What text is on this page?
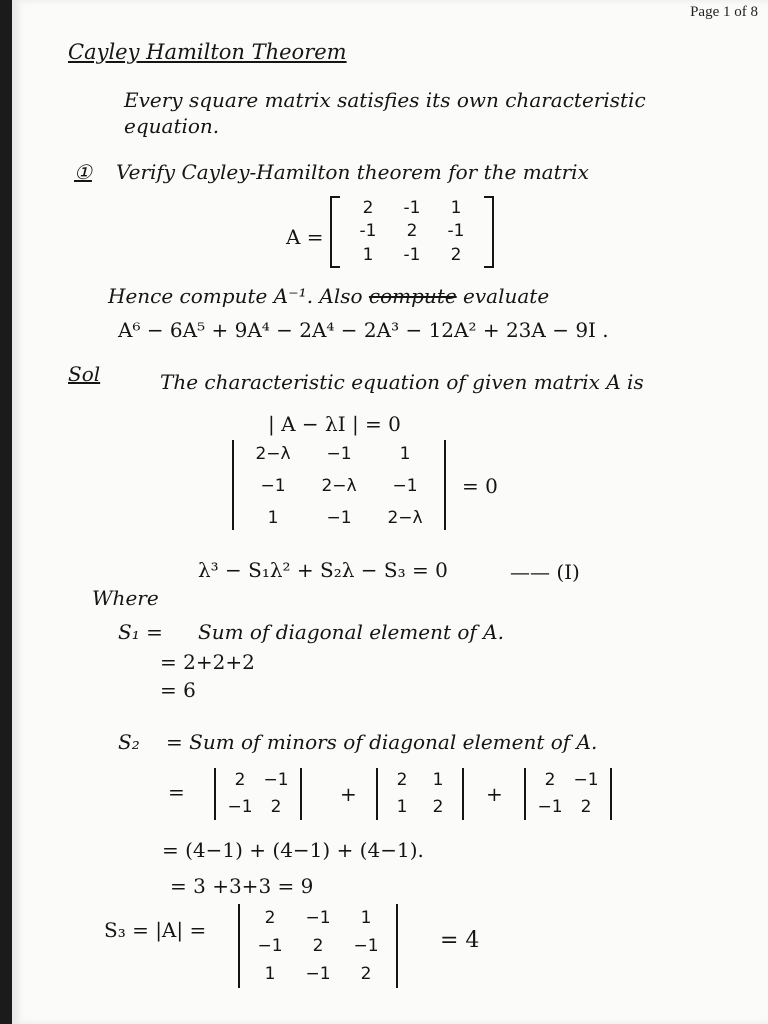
Page 1 of 8
Cayley Hamilton Theorem
Every square matrix satisfies its own characteristic
equation.
① Verify Cayley-Hamilton theorem for the matrix
A =
2	-1	1
-1	2	-1
1	-1	2
Hence compute A⁻¹. Also compute evaluate
A⁶ − 6A⁵ + 9A⁴ − 2A⁴ − 2A³ − 12A² + 23A − 9I .
Sol	The characteristic equation of given matrix A is
| A − λI | = 0
2−λ	−1	1
−1	2−λ	−1
1	−1	2−λ
= 0
λ³ − S₁λ² + S₂λ − S₃ = 0	—— (I)
Where
S₁ = Sum of diagonal element of A.
= 2+2+2
= 6
S₂ = Sum of minors of diagonal element of A.
=	2	−1
−1	2
+
2	1
1	2
+
2	−1
−1	2
= (4−1) + (4−1) + (4−1).
= 3 +3+3 = 9
S₃ = |A| =	2	−1	1
−1	2	−1
1	−1	2
= 4
